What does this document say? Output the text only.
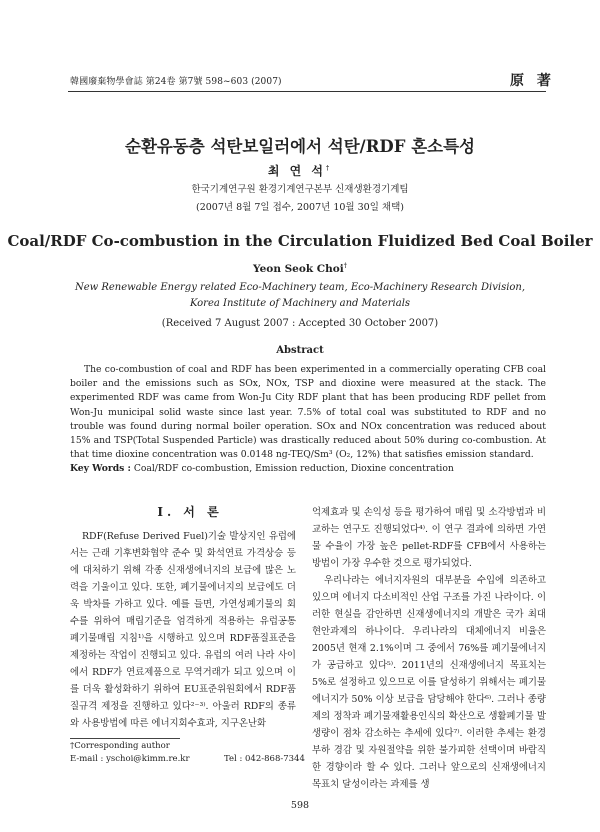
韓國廢棄物學會誌 第24卷 第7號 598~603 (2007)	原 著
순환유동층 석탄보일러에서 석탄/RDF 혼소특성
최 연 석†
한국기계연구원 환경기계연구본부 신재생환경기계팀
(2007년 8월 7일 접수, 2007년 10월 30일 채택)
Coal/RDF Co-combustion in the Circulation Fluidized Bed Coal Boiler
Yeon Seok Choi†
New Renewable Energy related Eco-Machinery team, Eco-Machinery Research Division,
Korea Institute of Machinery and Materials
(Received 7 August 2007 : Accepted 30 October 2007)
Abstract
The co-combustion of coal and RDF has been experimented in a commercially operating CFB coal boiler and the emissions such as SOx, NOx, TSP and dioxine were measured at the stack. The experimented RDF was came from Won-Ju City RDF plant that has been producing RDF pellet from Won-Ju municipal solid waste since last year. 7.5% of total coal was substituted to RDF and no trouble was found during normal boiler operation. SOx and NOx concentration was reduced about 15% and TSP(Total Suspended Particle) was drastically reduced about 50% during co-combustion. At that time dioxine concentration was 0.0148 ng-TEQ/Sm³ (O₂, 12%) that satisfies emission standard.
Key Words : Coal/RDF co-combustion, Emission reduction, Dioxine concentration
I. 서 론

RDF(Refuse Derived Fuel)기술 발상지인 유럽에서는 근래 기후변화협약 준수 및 화석연료 가격상승 등에 대처하기 위해 각종 신재생에너지의 보급에 많은 노력을 기울이고 있다. 또한, 폐기물에너지의 보급에도 더욱 박차를 가하고 있다. 예를 들면, 가연성폐기물의 회수를 위하여 매립기준을 엄격하게 적용하는 유럽공통 폐기물매립 지침¹⁾을 시행하고 있으며 RDF품질표준을 제정하는 작업이 진행되고 있다. 유럽의 여러 나라 사이에서 RDF가 연료제품으로 무역거래가 되고 있으며 이를 더욱 활성화하기 위하여 EU표준위원회에서 RDF품질규격 제정을 진행하고 있다²⁻³⁾. 아울러 RDF의 종류와 사용방법에 따른 에너지회수효과, 지구온난화

억제효과 및 손익성 등을 평가하여 매립 및 소각방법과 비교하는 연구도 진행되었다⁴⁾. 이 연구 결과에 의하면 가연물 수율이 가장 높은 pellet-RDF를 CFB에서 사용하는 방법이 가장 우수한 것으로 평가되었다.

우리나라는 에너지자원의 대부분을 수입에 의존하고 있으며 에너지 다소비적인 산업 구조를 가진 나라이다. 이러한 현실을 감안하면 신재생에너지의 개발은 국가 최대 현안과제의 하나이다. 우리나라의 대체에너지 비율은 2005년 현재 2.1%이며 그 중에서 76%를 폐기물에너지가 공급하고 있다⁵⁾. 2011년의 신재생에너지 목표치는 5%로 설정하고 있으므로 이를 달성하기 위해서는 폐기물에너지가 50% 이상 보급을 담당해야 한다⁶⁾. 그러나 종량제의 정착과 폐기물재활용인식의 확산으로 생활폐기물 발생량이 점차 감소하는 추세에 있다⁷⁾. 이러한 추세는 환경부하 경감 및 자원절약을 위한 불가피한 선택이며 바람직한 경향이라 할 수 있다. 그러나 앞으로의 신재생에너지 목표치 달성이라는 과제를 생

†Corresponding author
E-mail : yschoi@kimm.re.kr	Tel : 042-868-7344
598
